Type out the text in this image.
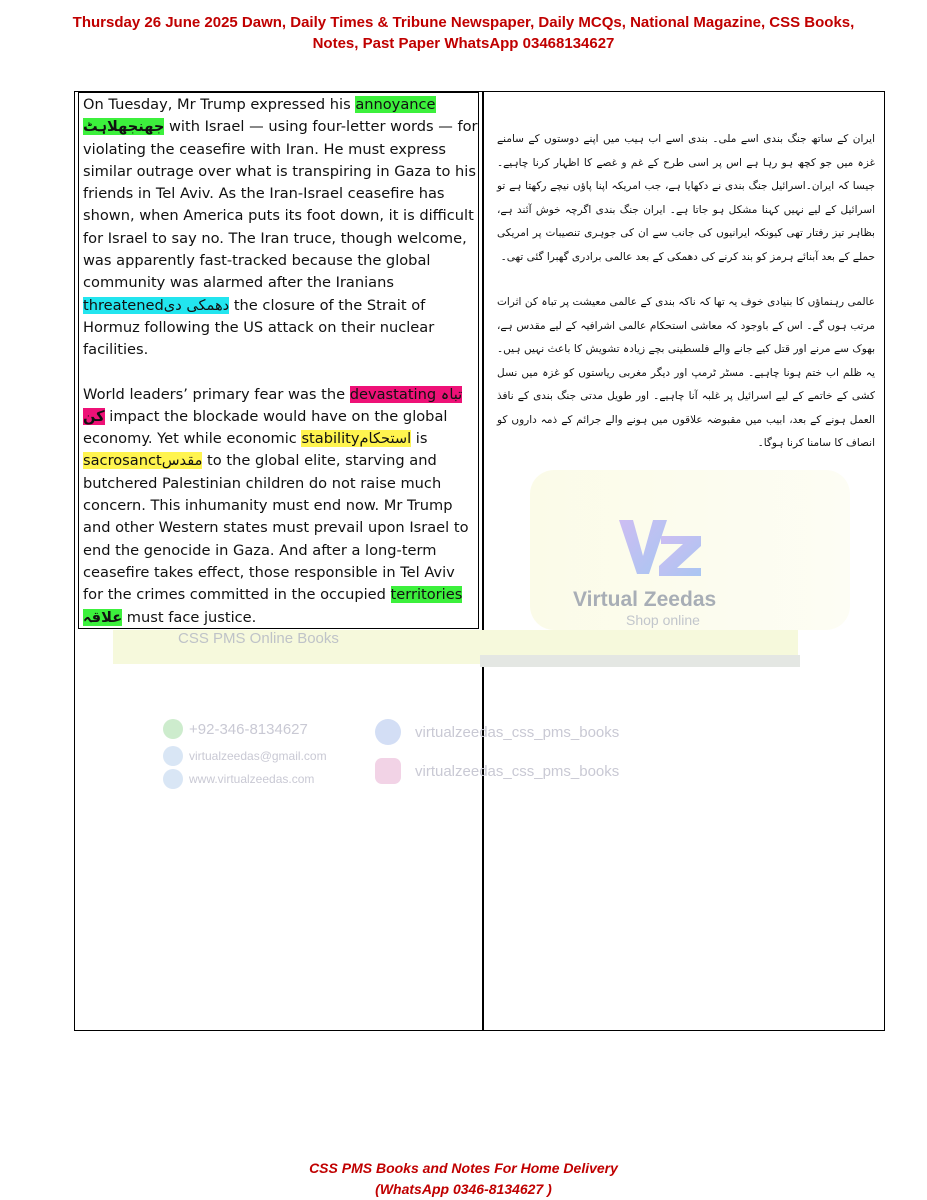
Thursday 26 June 2025 Dawn, Daily Times & Tribune Newspaper, Daily MCQs, National Magazine, CSS Books,
Notes, Past Paper WhatsApp 03468134627
Virtual Zeedas
Shop online
CSS PMS Online Books
+92-346-8134627
virtualzeedas@gmail.com
www.virtualzeedas.com
virtualzeedas_css_pms_books
virtualzeedas_css_pms_books

On Tuesday, Mr Trump expressed his annoyance
جھنجھلاہٹ with Israel — using four-letter words — for violating the ceasefire with Iran. He must express similar outrage over what is transpiring in Gaza to his friends in Tel Aviv. As the Iran-Israel ceasefire has shown, when America puts its foot down, it is difficult for Israel to say no. The Iran truce, though welcome, was apparently fast-tracked because the global community was alarmed after the Iranians threatenedدھمکی دی the closure of the Strait of Hormuz following the US attack on their nuclear facilities.

World leaders’ primary fear was the devastating تباہ
کن impact the blockade would have on the global economy. Yet while economic stabilityاستحکام is
sacrosanctمقدس to the global elite, starving and butchered Palestinian children do not raise much concern. This inhumanity must end now. Mr Trump and other Western states must prevail upon Israel to end the genocide in Gaza. And after a long-term ceasefire takes effect, those responsible in Tel Aviv for the crimes committed in the occupied territories
علاقہ must face justice.

ایران کے ساتھ جنگ بندی اسے ملی۔ بندی اسے اب ہیب میں اپنے دوستوں کے سامنے غزہ میں جو کچھ ہو رہا ہے اس پر اسی طرح کے غم و غصے کا اظہار کرنا چاہیے۔ جیسا کہ ایران۔اسرائیل جنگ بندی نے دکھایا ہے، جب امریکہ اپنا پاؤں نیچے رکھتا ہے تو اسرائیل کے لیے نہیں کہنا مشکل ہو جاتا ہے۔ ایران جنگ بندی اگرچہ خوش آئند ہے، بظاہر تیز رفتار تھی کیونکہ ایرانیوں کی جانب سے ان کی جوہری تنصیبات پر امریکی حملے کے بعد آبنائے ہرمز کو بند کرنے کی دھمکی کے بعد عالمی برادری گھبرا گئی تھی۔

عالمی رہنماؤں کا بنیادی خوف یہ تھا کہ ناکہ بندی کے عالمی معیشت پر تباہ کن اثرات مرتب ہوں گے۔ اس کے باوجود کہ معاشی استحکام عالمی اشرافیہ کے لیے مقدس ہے، بھوک سے مرنے اور قتل کیے جانے والے فلسطینی بچے زیادہ تشویش کا باعث نہیں ہیں۔ یہ ظلم اب ختم ہونا چاہیے۔ مسٹر ٹرمپ اور دیگر مغربی ریاستوں کو غزہ میں نسل کشی کے خاتمے کے لیے اسرائیل پر غلبہ آنا چاہیے۔ اور طویل مدتی جنگ بندی کے نافذ العمل ہونے کے بعد، ابیب میں مقبوضہ علاقوں میں ہونے والے جرائم کے ذمہ داروں کو انصاف کا سامنا کرنا ہوگا۔

CSS PMS Books and Notes For Home Delivery
(WhatsApp 0346-8134627 )
